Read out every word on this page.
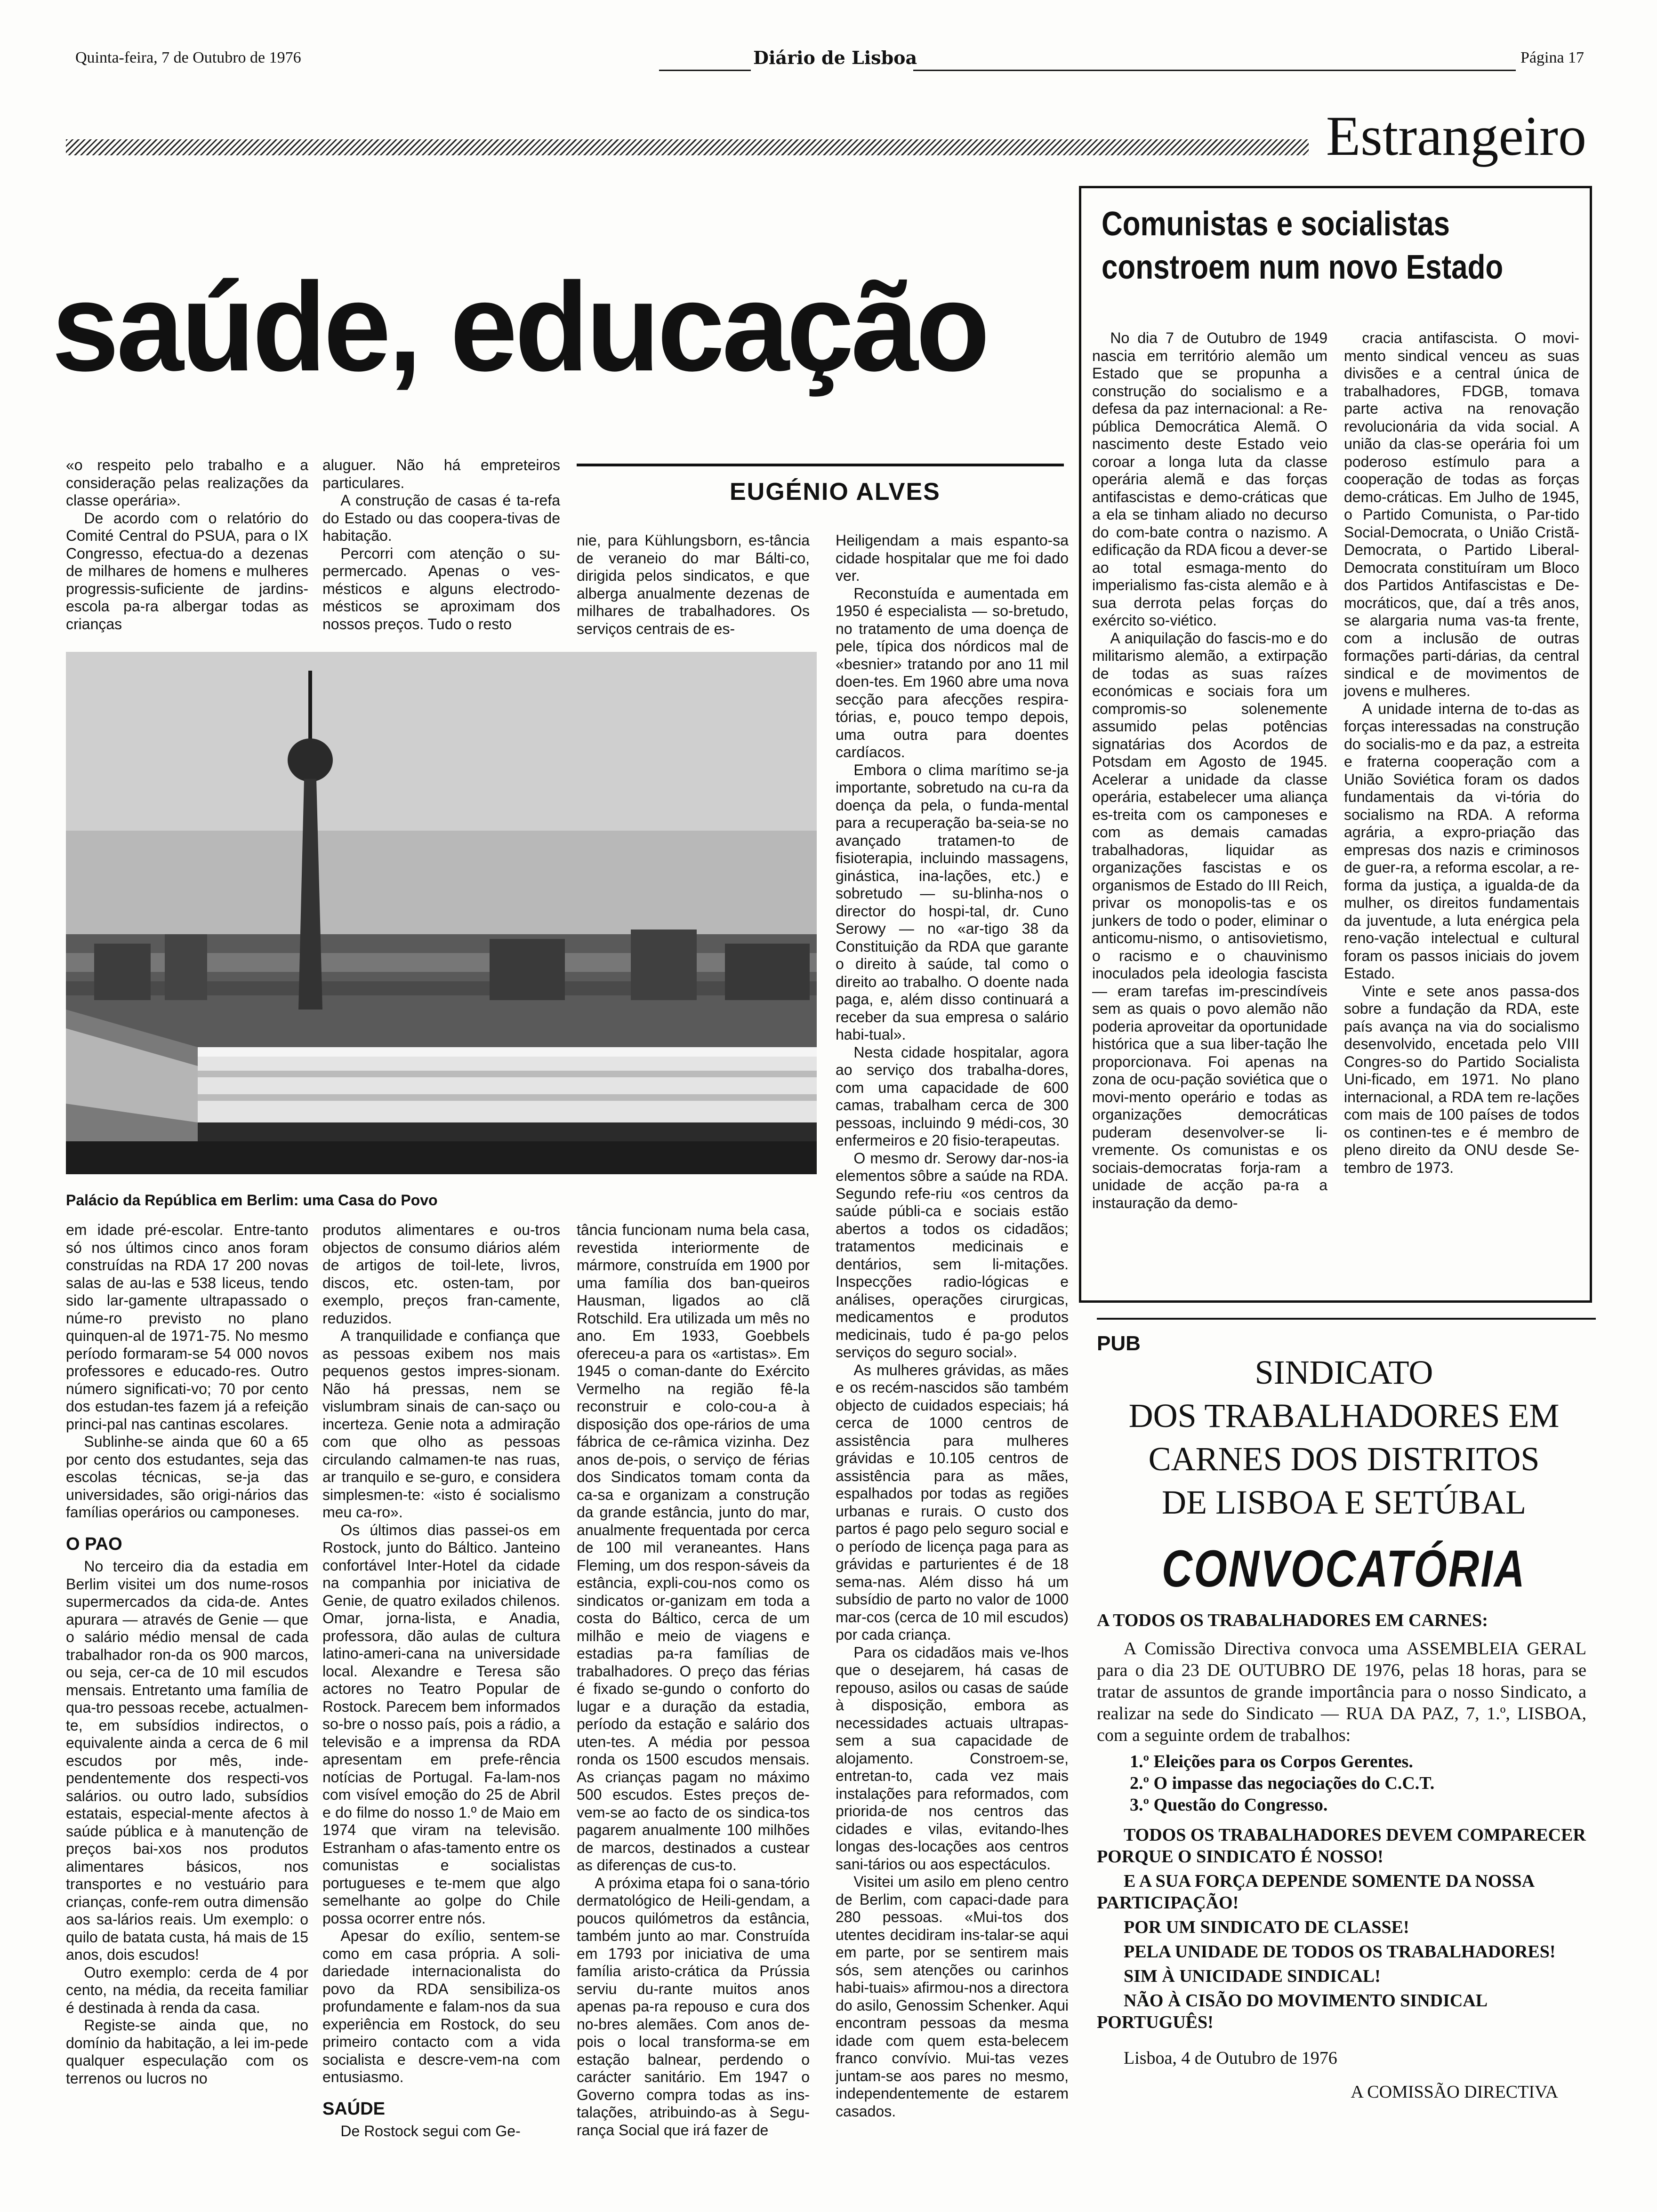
Quinta-feira, 7 de Outubro de 1976	Diário de Lisboa	Página 17
Estrangeiro
saúde, educação

«o respeito pelo trabalho e a consideração pelas realizações da classe operária».

De acordo com o relatório do Comité Central do PSUA, para o IX Congresso, efectua-do a dezenas de milhares de homens e mulheres progressis-suficiente de jardins-escola pa-ra albergar todas as crianças

aluguer. Não há empreteiros particulares.

A construção de casas é ta-refa do Estado ou das coopera-tivas de habitação.

Percorri com atenção o su-permercado. Apenas o ves-mésticos e alguns electrodo-mésticos se aproximam dos nossos preços. Tudo o resto

EUGÉNIO ALVES

nie, para Kühlungsborn, es-tância de veraneio do mar Bálti-co, dirigida pelos sindicatos, e que alberga anualmente dezenas de milhares de trabalhadores. Os serviços centrais de es-

Heiligendam a mais espanto-sa cidade hospitalar que me foi dado ver.

Reconstuída e aumentada em 1950 é especialista — so-bretudo, no tratamento de uma doença de pele, típica dos nórdicos mal de «besnier» tratando por ano 11 mil doen-tes. Em 1960 abre uma nova secção para afecções respira-tórias, e, pouco tempo depois, uma outra para doentes cardíacos.

Embora o clima marítimo se-ja importante, sobretudo na cu-ra da doença da pela, o funda-mental para a recuperação ba-seia-se no avançado tratamen-to de fisioterapia, incluindo massagens, ginástica, ina-lações, etc.) e sobretudo — su-blinha-nos o director do hospi-tal, dr. Cuno Serowy — no «ar-tigo 38 da Constituição da RDA que garante o direito à saúde, tal como o direito ao trabalho. O doente nada paga, e, além disso continuará a receber da sua empresa o salário habi-tual».

Nesta cidade hospitalar, agora ao serviço dos trabalha-dores, com uma capacidade de 600 camas, trabalham cerca de 300 pessoas, incluindo 9 médi-cos, 30 enfermeiros e 20 fisio-terapeutas.

O mesmo dr. Serowy dar-nos-ia elementos sôbre a saúde na RDA. Segundo refe-riu «os centros da saúde públi-ca e sociais estão abertos a todos os cidadãos; tratamentos medicinais e dentários, sem li-mitações. Inspecções radio-lógicas e análises, operações cirurgicas, medicamentos e produtos medicinais, tudo é pa-go pelos serviços do seguro social».

As mulheres grávidas, as mães e os recém-nascidos são também objecto de cuidados especiais; há cerca de 1000 centros de assistência para mulheres grávidas e 10.105 centros de assistência para as mães, espalhados por todas as regiões urbanas e rurais. O custo dos partos é pago pelo seguro social e o período de licença paga para as grávidas e parturientes é de 18 sema-nas. Além disso há um subsídio de parto no valor de 1000 mar-cos (cerca de 10 mil escudos) por cada criança.

Para os cidadãos mais ve-lhos que o desejarem, há casas de repouso, asilos ou casas de saúde à disposição, embora as necessidades actuais ultrapas-sem a sua capacidade de alojamento. Constroem-se, entretan-to, cada vez mais instalações para reformados, com priorida-de nos centros das cidades e vilas, evitando-lhes longas des-locações aos centros sani-tários ou aos espectáculos.

Visitei um asilo em pleno centro de Berlim, com capaci-dade para 280 pessoas. «Mui-tos dos utentes decidiram ins-talar-se aqui em parte, por se sentirem mais sós, sem atenções ou carinhos habi-tuais» afirmou-nos a directora do asilo, Genossim Schenker. Aqui encontram pessoas da mesma idade com quem esta-belecem franco convívio. Mui-tas vezes juntam-se aos pares no mesmo, independentemente de estarem casados.

Palácio da República em Berlim: uma Casa do Povo

em idade pré-escolar. Entre-tanto só nos últimos cinco anos foram construídas na RDA 17 200 novas salas de au-las e 538 liceus, tendo sido lar-gamente ultrapassado o núme-ro previsto no plano quinquen-al de 1971-75. No mesmo período formaram-se 54 000 novos professores e educado-res. Outro número significati-vo; 70 por cento dos estudan-tes fazem já a refeição princi-pal nas cantinas escolares.

Sublinhe-se ainda que 60 a 65 por cento dos estudantes, seja das escolas técnicas, se-ja das universidades, são origi-nários das famílias operários ou camponeses.

O PAO

No terceiro dia da estadia em Berlim visitei um dos nume-rosos supermercados da cida-de. Antes apurara — através de Genie — que o salário médio mensal de cada trabalhador ron-da os 900 marcos, ou seja, cer-ca de 10 mil escudos mensais. Entretanto uma família de qua-tro pessoas recebe, actualmen-te, em subsídios indirectos, o equivalente ainda a cerca de 6 mil escudos por mês, inde-pendentemente dos respecti-vos salários. ou outro lado, subsídios estatais, especial-mente afectos à saúde pública e à manutenção de preços bai-xos nos produtos alimentares básicos, nos transportes e no vestuário para crianças, confe-rem outra dimensão aos sa-lários reais. Um exemplo: o quilo de batata custa, há mais de 15 anos, dois escudos!

Outro exemplo: cerda de 4 por cento, na média, da receita familiar é destinada à renda da casa.

Registe-se ainda que, no domínio da habitação, a lei im-pede qualquer especulação com os terrenos ou lucros no

produtos alimentares e ou-tros objectos de consumo diários além de artigos de toil-lete, livros, discos, etc. osten-tam, por exemplo, preços fran-camente, reduzidos.

A tranquilidade e confiança que as pessoas exibem nos mais pequenos gestos impres-sionam. Não há pressas, nem se vislumbram sinais de can-saço ou incerteza. Genie nota a admiração com que olho as pessoas circulando calmamen-te nas ruas, ar tranquilo e se-guro, e considera simplesmen-te: «isto é socialismo meu ca-ro».

Os últimos dias passei-os em Rostock, junto do Báltico. Janteino confortável Inter-Hotel da cidade na companhia por iniciativa de Genie, de quatro exilados chilenos. Omar, jorna-lista, e Anadia, professora, dão aulas de cultura latino-ameri-cana na universidade local. Alexandre e Teresa são actores no Teatro Popular de Rostock. Parecem bem informados so-bre o nosso país, pois a rádio, a televisão e a imprensa da RDA apresentam em prefe-rência notícias de Portugal. Fa-lam-nos com visível emoção do 25 de Abril e do filme do nosso 1.º de Maio em 1974 que viram na televisão. Estranham o afas-tamento entre os comunistas e socialistas portugueses e te-mem que algo semelhante ao golpe do Chile possa ocorrer entre nós.

Apesar do exílio, sentem-se como em casa própria. A soli-dariedade internacionalista do povo da RDA sensibiliza-os profundamente e falam-nos da sua experiência em Rostock, do seu primeiro contacto com a vida socialista e descre-vem-na com entusiasmo.

SAÚDE

De Rostock segui com Ge-

tância funcionam numa bela casa, revestida interiormente de mármore, construída em 1900 por uma família dos ban-queiros Hausman, ligados ao clã Rotschild. Era utilizada um mês no ano. Em 1933, Goebbels ofereceu-a para os «artistas». Em 1945 o coman-dante do Exército Vermelho na região fê-la reconstruir e colo-cou-a à disposição dos ope-rários de uma fábrica de ce-râmica vizinha. Dez anos de-pois, o serviço de férias dos Sindicatos tomam conta da ca-sa e organizam a construção da grande estância, junto do mar, anualmente frequentada por cerca de 100 mil veraneantes. Hans Fleming, um dos respon-sáveis da estância, expli-cou-nos como os sindicatos or-ganizam em toda a costa do Báltico, cerca de um milhão e meio de viagens e estadias pa-ra famílias de trabalhadores. O preço das férias é fixado se-gundo o conforto do lugar e a duração da estadia, período da estação e salário dos uten-tes. A média por pessoa ronda os 1500 escudos mensais. As crianças pagam no máximo 500 escudos. Estes preços de-vem-se ao facto de os sindica-tos pagarem anualmente 100 milhões de marcos, destinados a custear as diferenças de cus-to.

A próxima etapa foi o sana-tório dermatológico de Heili-gendam, a poucos quilómetros da estância, também junto ao mar. Construída em 1793 por iniciativa de uma família aristo-crática da Prússia serviu du-rante muitos anos apenas pa-ra repouso e cura dos no-bres alemães. Com anos de-pois o local transforma-se em estação balnear, perdendo o carácter sanitário. Em 1947 o Governo compra todas as ins-talações, atribuindo-as à Segu-rança Social que irá fazer de

Comunistas e socialistas constroem num novo Estado

No dia 7 de Outubro de 1949 nascia em território alemão um Estado que se propunha a construção do socialismo e a defesa da paz internacional: a Re-pública Democrática Alemã. O nascimento deste Estado veio coroar a longa luta da classe operária alemã e das forças antifascistas e demo-cráticas que a ela se tinham aliado no decurso do com-bate contra o nazismo. A edificação da RDA ficou a dever-se ao total esmaga-mento do imperialismo fas-cista alemão e à sua derrota pelas forças do exército so-viético.

A aniquilação do fascis-mo e do militarismo alemão, a extirpação de todas as suas raízes económicas e sociais fora um compromis-so solenemente assumido pelas potências signatárias dos Acordos de Potsdam em Agosto de 1945. Acelerar a unidade da classe operária, estabelecer uma aliança es-treita com os camponeses e com as demais camadas trabalhadoras, liquidar as organizações fascistas e os organismos de Estado do III Reich, privar os monopolis-tas e os junkers de todo o poder, eliminar o anticomu-nismo, o antisovietismo, o racismo e o chauvinismo inoculados pela ideologia fascista — eram tarefas im-prescindíveis sem as quais o povo alemão não poderia aproveitar da oportunidade histórica que a sua liber-tação lhe proporcionava. Foi apenas na zona de ocu-pação soviética que o movi-mento operário e todas as organizações democráticas puderam desenvolver-se li-vremente. Os comunistas e os sociais-democratas forja-ram a unidade de acção pa-ra a instauração da demo-

cracia antifascista. O movi-mento sindical venceu as suas divisões e a central única de trabalhadores, FDGB, tomava parte activa na renovação revolucionária da vida social. A união da clas-se operária foi um poderoso estímulo para a cooperação de todas as forças demo-cráticas. Em Julho de 1945, o Partido Comunista, o Par-tido Social-Democrata, o União Cristã-Democrata, o Partido Liberal-Democrata constituíram um Bloco dos Partidos Antifascistas e De-mocráticos, que, daí a três anos, se alargaria numa vas-ta frente, com a inclusão de outras formações parti-dárias, da central sindical e de movimentos de jovens e mulheres.

A unidade interna de to-das as forças interessadas na construção do socialis-mo e da paz, a estreita e fraterna cooperação com a União Soviética foram os dados fundamentais da vi-tória do socialismo na RDA. A reforma agrária, a expro-priação das empresas dos nazis e criminosos de guer-ra, a reforma escolar, a re-forma da justiça, a igualda-de da mulher, os direitos fundamentais da juventude, a luta enérgica pela reno-vação intelectual e cultural foram os passos iniciais do jovem Estado.

Vinte e sete anos passa-dos sobre a fundação da RDA, este país avança na via do socialismo desenvolvido, encetada pelo VIII Congres-so do Partido Socialista Uni-ficado, em 1971. No plano internacional, a RDA tem re-lações com mais de 100 países de todos os continen-tes e é membro de pleno direito da ONU desde Se-tembro de 1973.

PUB
SINDICATO
DOS TRABALHADORES EM
CARNES DOS DISTRITOS
DE LISBOA E SETÚBAL
CONVOCATÓRIA

A TODOS OS TRABALHADORES EM CARNES:

A Comissão Directiva convoca uma ASSEMBLEIA GERAL para o dia 23 DE OUTUBRO DE 1976, pelas 18 horas, para se tratar de assuntos de grande importância para o nosso Sindicato, a realizar na sede do Sindicato — RUA DA PAZ, 7, 1.º, LISBOA, com a seguinte ordem de trabalhos:

1.º Eleições para os Corpos Gerentes.
2.º O impasse das negociações do C.C.T.
3.º Questão do Congresso.

TODOS OS TRABALHADORES DEVEM COMPARECER PORQUE O SINDICATO É NOSSO!

E A SUA FORÇA DEPENDE SOMENTE DA NOSSA PARTICIPAÇÃO!

POR UM SINDICATO DE CLASSE!

PELA UNIDADE DE TODOS OS TRABALHADORES!

SIM À UNICIDADE SINDICAL!

NÃO À CISÃO DO MOVIMENTO SINDICAL PORTUGUÊS!

Lisboa, 4 de Outubro de 1976

A COMISSÃO DIRECTIVA
